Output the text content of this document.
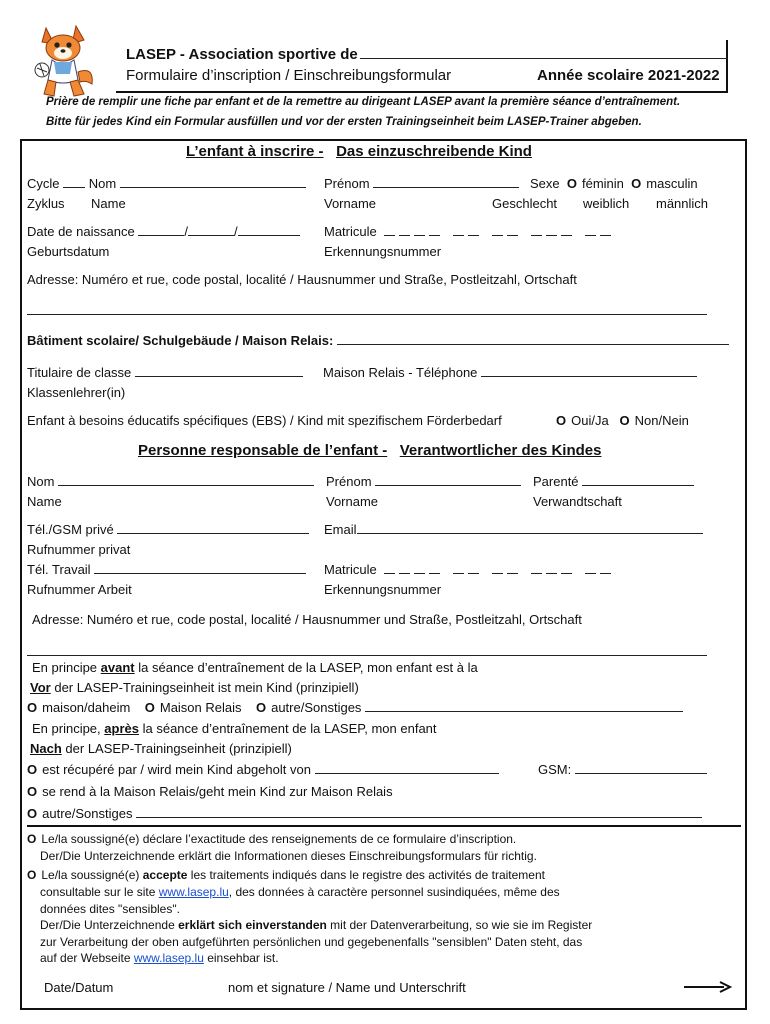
LASEP - Association sportive de
Formulaire d’inscription / Einschreibungsformular	Année scolaire 2021-2022
Prière de remplir une fiche par enfant et de la remettre au dirigeant LASEP avant la première séance d’entraînement.
Bitte für jedes Kind ein Formular ausfüllen und vor der ersten Trainingseinheit beim LASEP-Trainer abgeben.
L’enfant à inscrire - Das einzuschreibende Kind
Cycle Nom	Prénom	Sexe O féminin O masculin
Zyklus Name	Vorname	Geschlecht weiblich männlich
Date de naissance	/	/	Matricule
Geburtsdatum	Erkennungsnummer
Adresse: Numéro et rue, code postal, localité / Hausnummer und Straße, Postleitzahl, Ortschaft
Bâtiment scolaire/ Schulgebäude / Maison Relais:
Titulaire de classe	Maison Relais - Téléphone
Klassenlehrer(in)
Enfant à besoins éducatifs spécifiques (EBS) / Kind mit spezifischem Förderbedarf	O Oui/Ja O Non/Nein
Personne responsable de l’enfant - Verantwortlicher des Kindes
Nom	Prénom	Parenté
Name	Vorname	Verwandtschaft
Tél./GSM privé	Email
Rufnummer privat
Tél. Travail	Matricule
Rufnummer Arbeit	Erkennungsnummer
Adresse: Numéro et rue, code postal, localité / Hausnummer und Straße, Postleitzahl, Ortschaft
En principe avant la séance d’entraînement de la LASEP, mon enfant est à la
Vor der LASEP-Trainingseinheit ist mein Kind (prinzipiell)
O maison/daheim O Maison Relais O autre/Sonstiges
En principe, après la séance d’entraînement de la LASEP, mon enfant
Nach der LASEP-Trainingseinheit (prinzipiell)
O est récupéré par / wird mein Kind abgeholt von	GSM:
O se rend à la Maison Relais/geht mein Kind zur Maison Relais
O autre/Sonstiges
O Le/la soussigné(e) déclare l’exactitude des renseignements de ce formulaire d’inscription.
Der/Die Unterzeichnende erklärt die Informationen dieses Einschreibungsformulars für richtig.
O Le/la soussigné(e) accepte les traitements indiqués dans le registre des activités de traitement
consultable sur le site www.lasep.lu, des données à caractère personnel susindiquées, même des
données dites "sensibles".
Der/Die Unterzeichnende erklärt sich einverstanden mit der Datenverarbeitung, so wie sie im Register
zur Verarbeitung der oben aufgeführten persönlichen und gegebenenfalls "sensiblen" Daten steht, das
auf der Webseite www.lasep.lu einsehbar ist.
Date/Datum	nom et signature / Name und Unterschrift
